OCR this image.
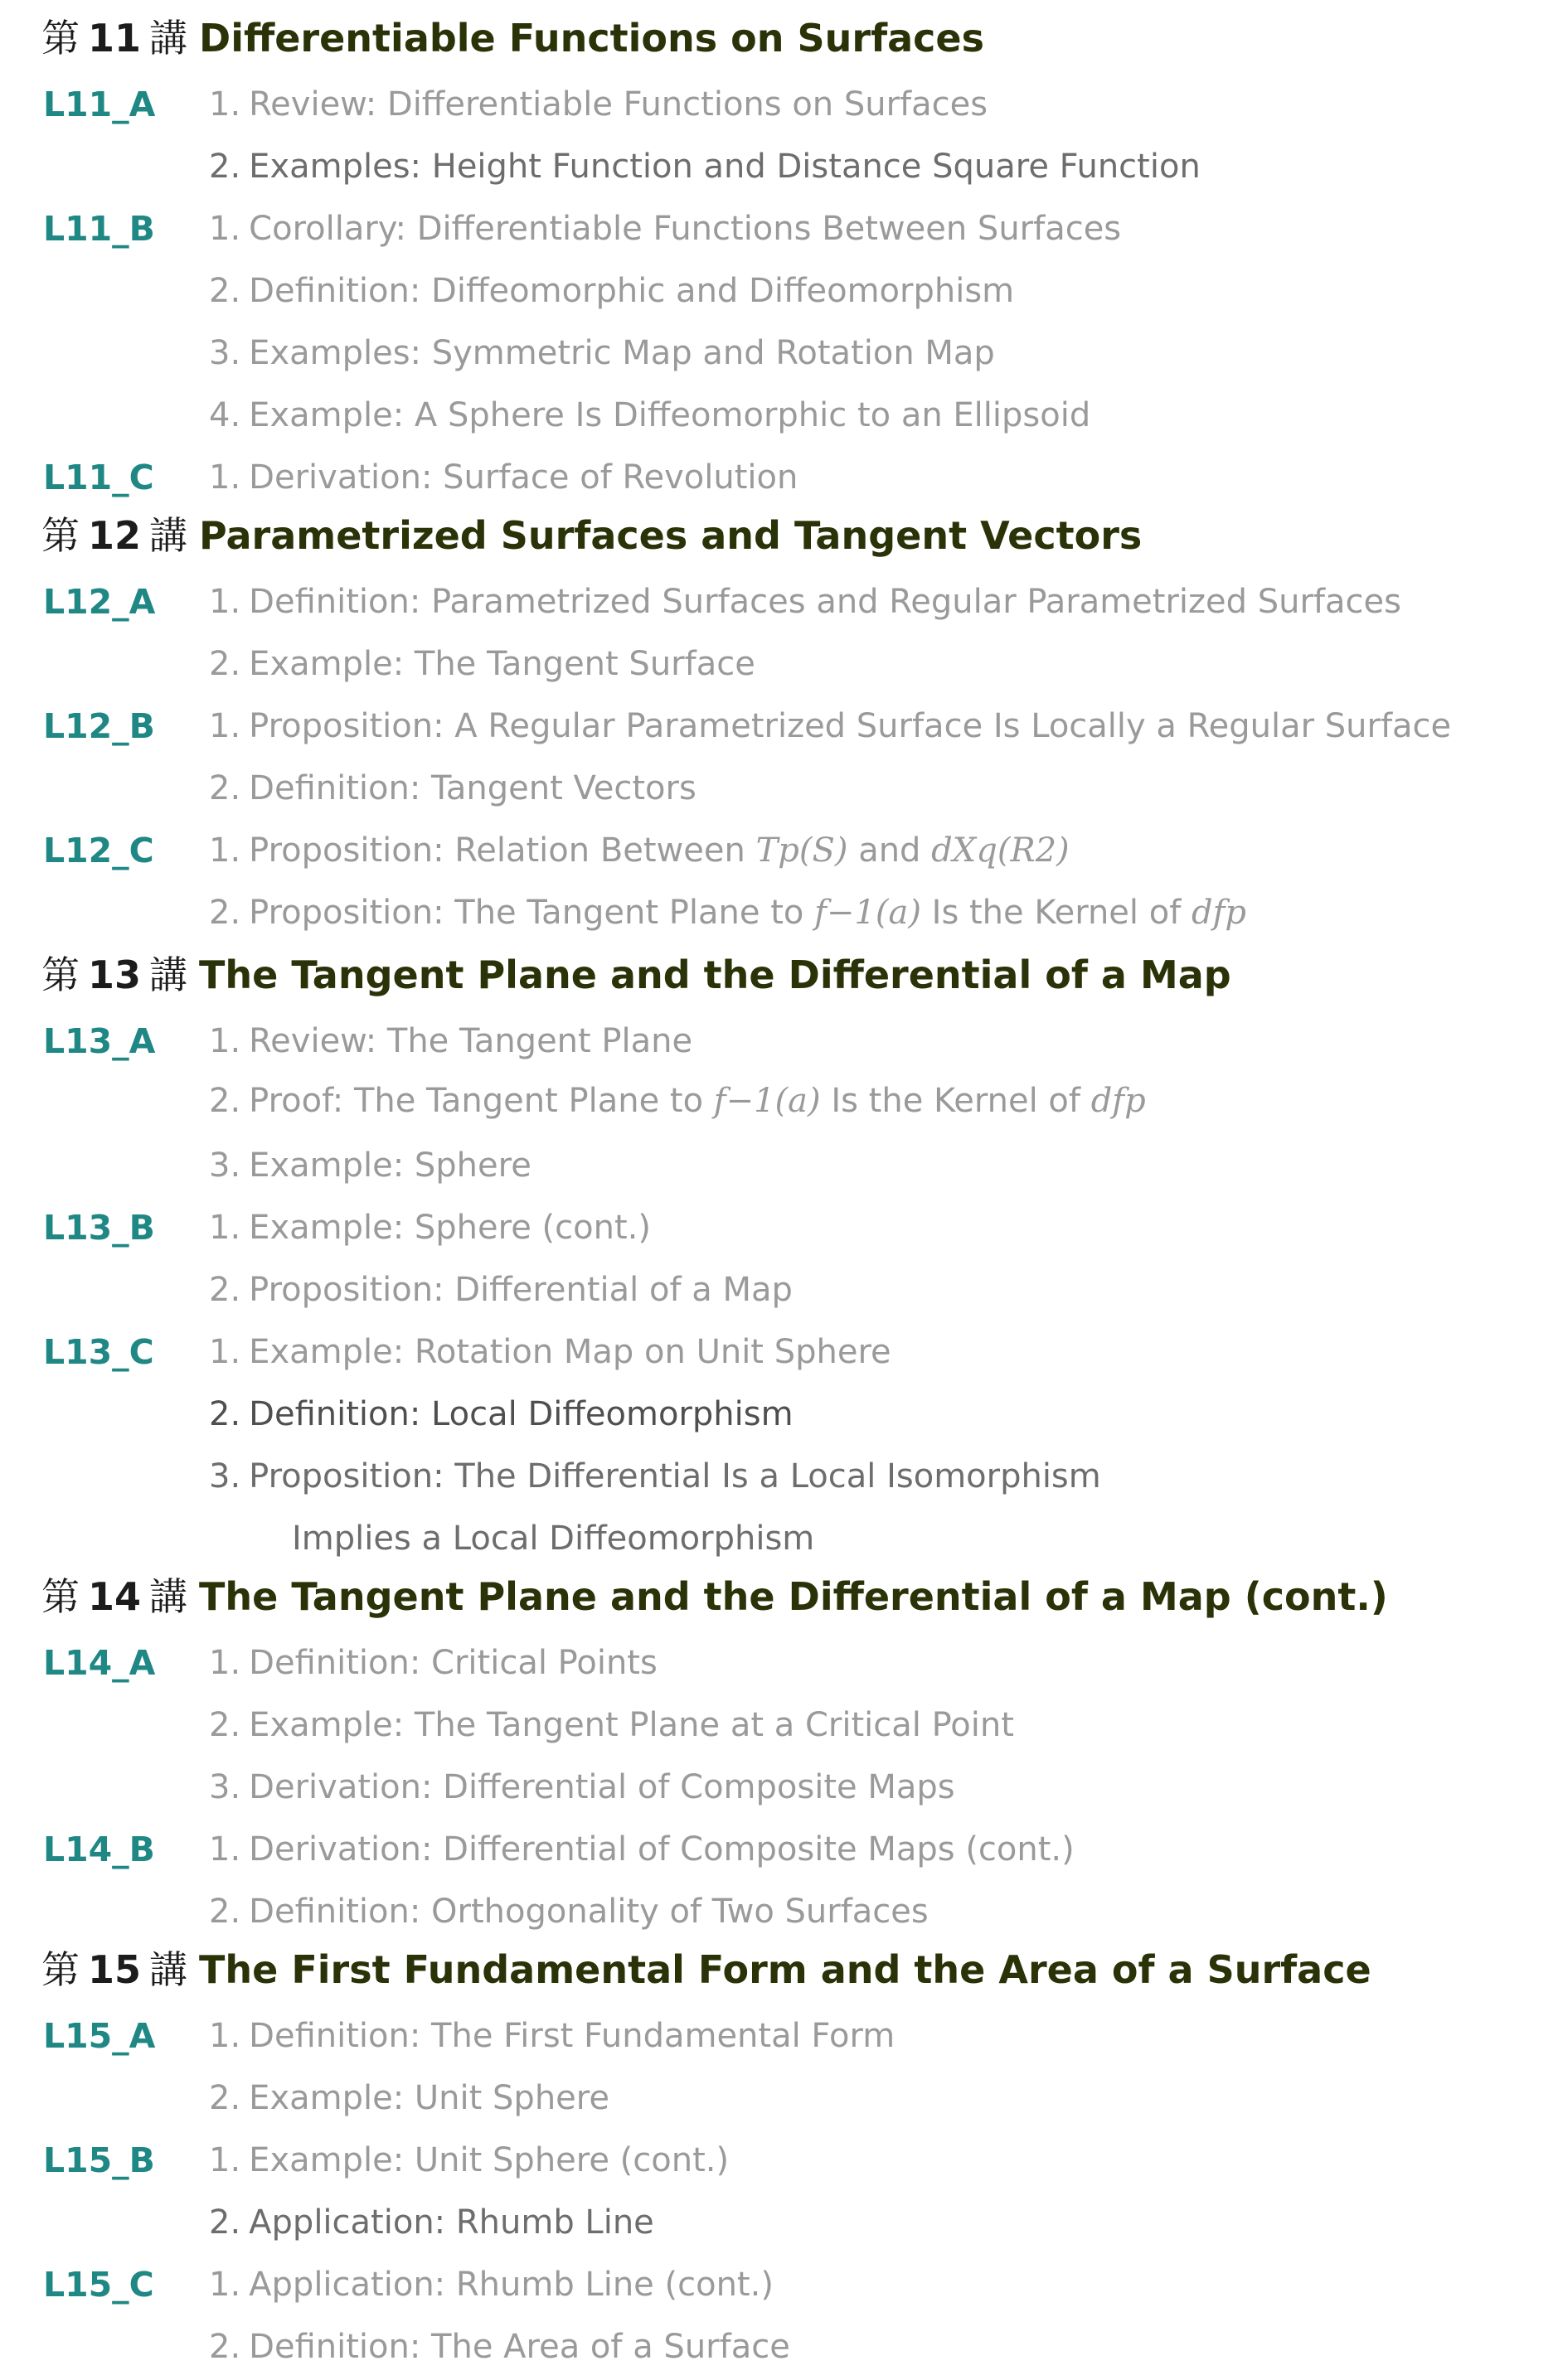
第 11 講 Differentiable Functions on Surfaces
L11_A 1. Review: Differentiable Functions on Surfaces
2. Examples: Height Function and Distance Square Function
L11_B 1. Corollary: Differentiable Functions Between Surfaces
2. Definition: Diffeomorphic and Diffeomorphism
3. Examples: Symmetric Map and Rotation Map
4. Example: A Sphere Is Diffeomorphic to an Ellipsoid
L11_C 1. Derivation: Surface of Revolution
第 12 講 Parametrized Surfaces and Tangent Vectors
L12_A 1. Definition: Parametrized Surfaces and Regular Parametrized Surfaces
2. Example: The Tangent Surface
L12_B 1. Proposition: A Regular Parametrized Surface Is Locally a Regular Surface
2. Definition: Tangent Vectors
L12_C 1. Proposition: Relation Between Tp(S) and dXq(R2)
2. Proposition: The Tangent Plane to f−1(a) Is the Kernel of dfp
第 13 講 The Tangent Plane and the Differential of a Map
L13_A 1. Review: The Tangent Plane
2. Proof: The Tangent Plane to f−1(a) Is the Kernel of dfp
3. Example: Sphere
L13_B 1. Example: Sphere (cont.)
2. Proposition: Differential of a Map
L13_C 1. Example: Rotation Map on Unit Sphere
2. Definition: Local Diffeomorphism
3. Proposition: The Differential Is a Local Isomorphism
Implies a Local Diffeomorphism
第 14 講 The Tangent Plane and the Differential of a Map (cont.)
L14_A 1. Definition: Critical Points
2. Example: The Tangent Plane at a Critical Point
3. Derivation: Differential of Composite Maps
L14_B 1. Derivation: Differential of Composite Maps (cont.)
2. Definition: Orthogonality of Two Surfaces
第 15 講 The First Fundamental Form and the Area of a Surface
L15_A 1. Definition: The First Fundamental Form
2. Example: Unit Sphere
L15_B 1. Example: Unit Sphere (cont.)
2. Application: Rhumb Line
L15_C 1. Application: Rhumb Line (cont.)
2. Definition: The Area of a Surface
